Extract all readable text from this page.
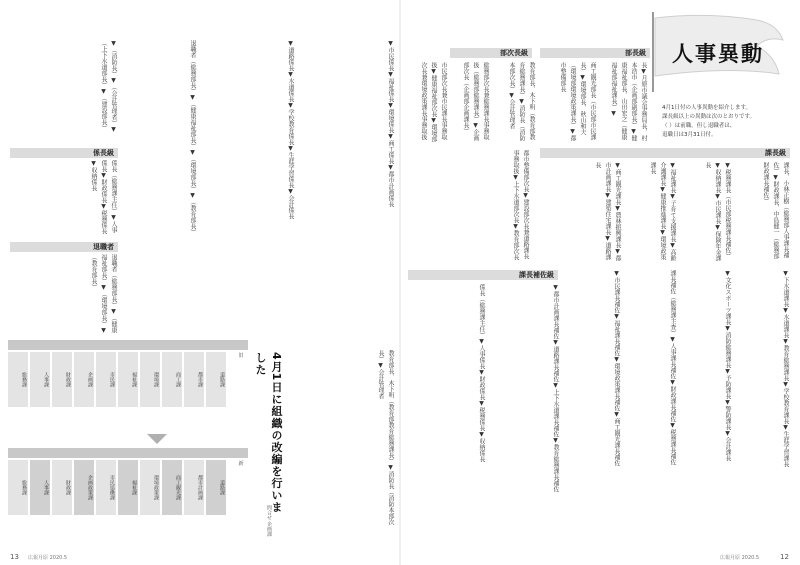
人事異動
4月1日付の人事異動を紹介します。
課長級以上の異動は次のとおりです。
（ ）は前職。但し退職者は、
退職日は3月31日付。
部次長級	部長級
課長級
課長補佐級
係長級
退職者
長▼月原市議会事務局長、村本浩市（企画部副部長）▼健康福祉部長、山田宏之（健康福祉部福祉課長）▼
商工観光部長（市民部市民課長）▼環境部長、秋山和夫（環境部環境政策課長）▼都市整備部長
教育部長、木下明（教育部教育総務課長）▼消防長（消防本部次長）▼会計管理者
総務部次長兼総務課長事務取扱（総務部総務課長）▼企画部次長（企画部企画課長）
市民部次長兼市民課長事務取扱▼健康福祉部次長▼環境部次長兼環境政策課長事務取扱
都市整備部次長▼建設部次長兼道路課長事務取扱▼上下水道部次長▼教育部次長	課長、小林正樹（総務部人事課長補佐）▼財政課長、中島健一（総務部財政課長補佐）
▼税務課長（市民部税務課長補佐）▼収納課長▼市民課長▼保険年金課長
▼福祉課長▼子育て支援課長▼高齢介護課長▼健康推進課長▼環境政策課長
▼商工観光課長▼農林振興課長▼都市計画課長▼建築住宅課長▼道路課長
▼下水道課長▼水道課長▼教育総務課長▼学校教育課長▼生涯学習課長
▼文化スポーツ課長▼消防総務課長▼予防課長▼警防課長▼会計課長
課長補佐（総務課主査）▼人事課長補佐▼財政課長補佐▼税務課長補佐
▼市民課長補佐▼福祉課長補佐▼環境政策課長補佐▼商工観光課長補佐
▼都市計画課長補佐▼道路課長補佐▼上下水道課長補佐▼教育総務課長補佐
係長（総務課主任）▼人事係長▼財政係長▼税務係長▼収納係長
▼市民係長▼福祉係長▼環境係長▼商工係長▼都市計画係長
▼道路係長▼水道係長▼学校教育係長▼生涯学習係長▼会計係長
退職者（総務部長）▼（健康福祉部長）▼（環境部長）▼（教育部長）
▼（消防長）▼（会計管理者）▼（上下水道部長）▼（建設部長）
係長（総務課主任）▼人事係長▼財政係長▼税務係長▼収納係長
退職者（総務部長）▼（健康福祉部長）▼（環境部長）▼（教育部長）
4月1日に組織の改編を行いました
問合せ 企画課	教育部長、木下明（教育部教育総務課長）▼消防長（消防本部次長）▼会計管理者
旧
総務課	人事課	財政課	企画課	市民課	福祉課	環境課	商工課	都市課	道路課
新
総務課	人事課	財政課	企画政策課	市民協働課	福祉課	環境政策課	商工観光課	都市計画課	道路課
広報月原 2020.5
13	広報月原 2020.5	12
